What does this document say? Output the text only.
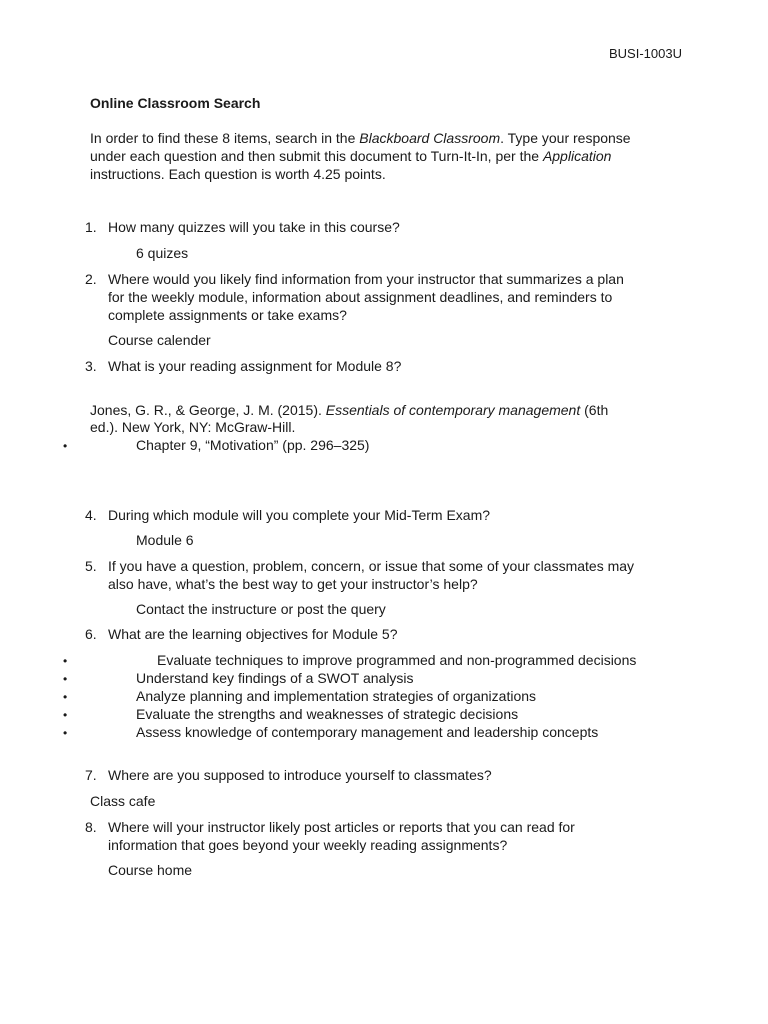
BUSI-1003U
Online Classroom Search

In order to find these 8 items, search in the Blackboard Classroom. Type your response

under each question and then submit this document to Turn-It-In, per the Application

instructions. Each question is worth 4.25 points.

1. How many quizzes will you take in this course?
6 quizes
2. Where would you likely find information from your instructor that summarizes a plan
for the weekly module, information about assignment deadlines, and reminders to
complete assignments or take exams?
Course calender
3. What is your reading assignment for Module 8?
Jones, G. R., & George, J. M. (2015). Essentials of contemporary management (6th
ed.). New York, NY: McGraw-Hill.
•	Chapter 9, “Motivation” (pp. 296–325)
4. During which module will you complete your Mid-Term Exam?
Module 6
5. If you have a question, problem, concern, or issue that some of your classmates may
also have, what’s the best way to get your instructor’s help?
Contact the instructure or post the query
6. What are the learning objectives for Module 5?
•	Evaluate techniques to improve programmed and non-programmed decisions
•	Understand key findings of a SWOT analysis
•	Analyze planning and implementation strategies of organizations
•	Evaluate the strengths and weaknesses of strategic decisions
•	Assess knowledge of contemporary management and leadership concepts
7. Where are you supposed to introduce yourself to classmates?
Class cafe
8. Where will your instructor likely post articles or reports that you can read for
information that goes beyond your weekly reading assignments?
Course home
